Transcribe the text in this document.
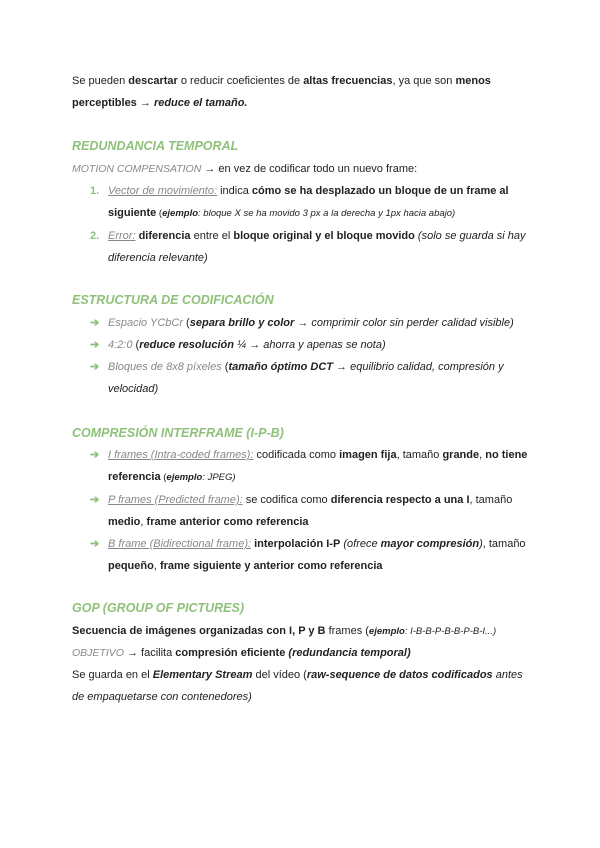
Se pueden descartar o reducir coeficientes de altas frecuencias, ya que son menos perceptibles → reduce el tamaño.

REDUNDANCIA TEMPORAL

MOTION COMPENSATION → en vez de codificar todo un nuevo frame:

1. Vector de movimiento: indica cómo se ha desplazado un bloque de un frame al siguiente (ejemplo: bloque X se ha movido 3 px a la derecha y 1px hacia abajo)
2. Error: diferencia entre el bloque original y el bloque movido (solo se guarda si hay diferencia relevante)
ESTRUCTURA DE CODIFICACIÓN
➔ Espacio YCbCr (separa brillo y color → comprimir color sin perder calidad visible)
➔ 4:2:0 (reduce resolución ¼ → ahorra y apenas se nota)
➔ Bloques de 8x8 píxeles (tamaño óptimo DCT → equilibrio calidad, compresión y velocidad)
COMPRESIÓN INTERFRAME (I-P-B)
➔ I frames (Intra-coded frames): codificada como imagen fija, tamaño grande, no tiene referencia (ejemplo: JPEG)
➔ P frames (Predicted frame): se codifica como diferencia respecto a una I, tamaño medio, frame anterior como referencia
➔ B frame (Bidirectional frame): interpolación I-P (ofrece mayor compresión), tamaño pequeño, frame siguiente y anterior como referencia
GOP (GROUP OF PICTURES)

Secuencia de imágenes organizadas con I, P y B frames (ejemplo: I-B-B-P-B-B-P-B-I...)

OBJETIVO → facilita compresión eficiente (redundancia temporal)

Se guarda en el Elementary Stream del vídeo (raw-sequence de datos codificados antes de empaquetarse con contenedores)
